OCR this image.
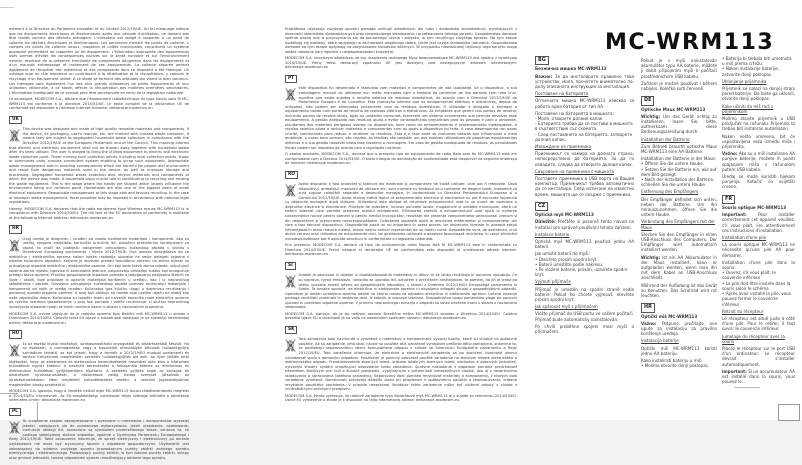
MC-WRM113
mément à la Directive du Parlement européen et du Conseil 2012/19/UE. Un tel marquage indique que les équipements électriques et électroniques après leur période d'utilisation, ne doivent pas être traités comme des déchets ménagers. L'utilisateur est obligé à rapporter à un point de collecte les déchets électriques et électroniques. Les personnes menant les points de collecte, y compris les points de collecte locaux, magasins et unités municipales, constituent un système approprié permettant de rapporter un tel équipement. L'élimination appropriée des équipements usés permet d'éviter les conséquences nocives sur la santé humaine et sur l'environnement naturel, résultant de la présence éventuelle de composants dangereux dans les équipements et d'un mauvais entreposage et traitement de ces équipements. La collecte séparée permet également de récupérer des matériaux et des composants dont ce dispositif a été fabriqué. Un ménage joue un rôle important en contribuant à la réutilisation et la récupération, y compris le recyclage d'un équipement utilisé. À ce stade se forment des attitudes qui visent le bien commun. Les ménages sont également l'un des plus grands utilisateurs de petits équipements et leur utilisation rationnelle, à ce stade, affecte la récupération des matières premières secondaires. L'élimination inadéquate de ce produit peut être sanctionnée en vertu de la législation nationale.
Le soussigné, MODECOM S.A., déclare que l'équipement radioélectrique du type Souris sans fil MC-WRM113 est conforme à la directive 2014/53/UE. Le texte complet de la déclaration UE de conformité est disponible à l'adresse internet suivante: deklaracje.modecom.eu
UK
This device was designed and made of high quality reusable materials and components. If the device, its packaging, user's manual, etc. are marked with crossed waste container, it means they are subject to segregated household waste collection in compliance with the Directive 2012/19/UE of the European Parliament and of the Council. This marking informs that electric and electronic equipment shall not be thrown away together with household waste after it's been utilised. The user is obliged to bring the utilised equipment to electric and electronic waste collection point. Those running such collection points, including local collection points, shops or communes units, provide convenient system enabling to scrap such equipment. Appropriate waste management aids in avoiding consequences which are harmful for people and environment and result from dangerous materials used in the device, as well as improper storage and processing. Segregated household waste collection aids recycle materials and components of which the device was made. A household plays crucial role in contributing to recycling and reusing the waste equipment. This is the stage where the habits are shaped which largely influence the environment being our common good. Households are also one of the biggest users of small electrical equipment. Reasonable management at this stage aids and favours recycling. In the case of improper waste management, fiscal penalties may be imposed in accordance with national legal regulations.
Hereby, MODECOM S.A. declares that the radio equipment type Wireless mouse MC-WRM113 is in compliance with Directive 2014/53/EU. The full text of the EU declaration of conformity is available at the following internet address: deklaracje.modecom.eu
HR
Ovaj uređaj je dizajniran i izrađen od visoko kvalitetnih materijala i komponenti. Ako su uređaj, njegova ambalaža, korisnički priručnik itd. označeni prekriženim kontejnerom za otpad, to znači da podliježu odvojenom prikupljanju kućanskog otpada u skladu s Direktivom Europskog parlamenta i Vijeća 2012/19/UE. Ova oznaka obavještava da se električna i elektronička oprema nakon isteka razdoblja uporabe ne smije odlagati zajedno s ostalim kućanskim otpadom. Korisnik je obvezan predati iskorištenu opremu na zbirno mjesto za prikupljanje otpadne električne i elektroničke opreme. Oni koji vode takva zbirna mjesta, uključujući lokalna zbirna mjesta, trgovine ili komunalne jedinice, osiguravaju prikladan sustav koji omogućuje predaju takve opreme. Pravilno gospodarenje otpadom pomaže u izbjegavanju posljedica štetnih za ljude i okoliš, koje proizlaze iz opasnih materijala korištenih u uređaju, kao i iz nepravilnog skladištenja i obrade. Odvojeno prikupljanje kućanskog otpada pomaže recikliranju materijala i komponenti od kojih je uređaj izrađen. Kućanstvo igra ključnu ulogu u doprinosu recikliranju i ponovnoj uporabi otpadne opreme. U ovoj fazi oblikuju se navike koje uvelike utječu na okoliš kao naše zajedničko dobro. Kućanstva su također jedan od najvećih korisnika male električne opreme pa njezino razumno gospodarenje u ovoj fazi pomaže i potiče recikliranje. U slučaju nepravilnog upravljanja otpadom mogu se izreći novčane kazne u skladu s nacionalnim propisima.
MODECOM S.A. ovime izjavljuje da je radijska oprema tipa Bežični miš MC-WRM113 u skladu s Direktivom 2014/53/EU. Cjeloviti tekst EU izjave o sukladnosti dostupan je na sljedećoj internetskoj adresi: deklaracje.modecom.eu
HU
Ez az eszköz kiváló minőségű, újrahasznosítható anyagokból és alkatrészekből készült. Ha az eszközön, a csomagolásán vagy a használati útmutatóján áthúzott hulladékgyűjtő szimbólum látható, az azt jelenti, hogy a termék a 2012/19/EU európai parlamenti és tanácsi irányelvnek megfelelően szelektív hulladékgyűjtés alá esik. Az ilyen jelölés arról tájékoztat, hogy az elektromos és elektronikus berendezéseket használat után tilos a háztartási hulladékkal együtt kidobni. A használt berendezést a felhasználó köteles az elektromos és elektronikus hulladékok gyűjtőpontjára eljuttatni. A szelektív gyűjtés segíti az anyagok és alkatrészek újrahasznosítását, a háztartások pedig fontos szerepet játszanak az újrahasznosításban. Nem megfelelő hulladékkezelés esetén, a nemzeti jogszabályoknak megfelelően bírság szabható ki.
MODECOM S.A. igazolja, hogy a Vezeték nélküli egér MC-WRM113 típusú rádióberendezés megfelel a 2014/53/EU irányelvnek. Az EU-megfelelőségi nyilatkozat teljes szövege elérhető a következő internetes címen: deklaracje.modecom.eu
PL
To urządzenie zostało zaprojektowane i wykonane z materiałów i komponentów wysokiej jakości, nadających się do ponownego wykorzystania. Jeżeli urządzenie, opakowanie, instrukcja obsługi itd. oznaczone są symbolem przekreślonego kosza, oznacza to, że podlega selektywnej zbiórce odpadów, zgodnie z Dyrektywą Parlamentu Europejskiego i Rady 2012/19/UE. Takie oznaczenie informuje, że sprzęt elektryczny i elektroniczny po okresie użytkowania nie może być wyrzucany łącznie z odpadami gospodarczymi. Użytkownik jest zobowiązany do oddania zużytego sprzętu prowadzącym punkty zbiórki zużytego sprzętu elektrycznego i elektronicznego. Prowadzący punkty zbiórki, w tym lokalne punkty zbiórki, sklepy oraz gminne jednostki, tworzą odpowiedni system umożliwiający oddanie tego sprzętu.
Prawidłowa utylizacja zużytego sprzętu pomaga uniknąć szkodliwych dla ludzi i środowiska konsekwencji, wynikających z obecności składników niebezpiecznych oraz niewłaściwego składowania i przetwarzania takiego sprzętu. Gospodarstwo domowe spełnia ważną rolę w przyczynianiu się do ponownego użycia i odzysku, w tym recyklingu zużytego sprzętu. Na tym etapie kształtują się postawy, które wpływają na zachowanie wspólnego dobra, jakim jest czyste środowisko naturalne. Gospodarstwa domowe na tym etapie wpływają na odzyskiwanie surowców wtórnych. W przypadku niewłaściwej utylizacji tego sprzętu mogą zostać nałożone kary zgodnie z ustawodawstwem krajowym.
MODECOM S.A. niniejszym oświadcza, że typ urządzenia radiowego Mysz bezprzewodowa MC-WRM113 jest zgodny z dyrektywą 2014/53/UE. Pełny tekst deklaracji zgodności UE jest dostępny pod następującym adresem internetowym: deklaracje.modecom.eu
PT
Este dispositivo foi desenhado e fabricado com materiais e componentes de alta qualidade. Se o dispositivo, a sua embalagem, manual do utilizador etc. estão marcados com o símbolo do contentor de lixo barrado com uma cruz, significa que estão sujeitos à recolha seletiva de resíduos domésticos, de acordo com a Directiva 2012/19/UE do Parlamento Europeu e do Conselho. Esta marcação informa que os equipamentos elétricos e eletrónicos, depois de utilizados, não podem ser eliminados juntamente com os resíduos domésticos. O utilizador é obrigado a entregar o equipamento usado num ponto de recolha de resíduos elétricos e eletrónicos. As entidades que gerem tais pontos de recolha, incluindo pontos de recolha locais, lojas ou unidades comunais, fornecem um sistema conveniente que permite devolver esse equipamento. A gestão adequada dos resíduos ajuda a evitar consequências prejudiciais para as pessoas e para o ambiente, resultantes dos materiais perigosos usados no dispositivo, bem como do armazenamento e processamento inadequados. A recolha seletiva ajuda a reciclar materiais e componentes com os quais o dispositivo foi feito. A casa desempenha um papel crucial, contribuindo para reduzir e reutilizar os resíduos. Esta é a fase onde os costumes básicos que influenciam o meio ambiente, o nosso bem comum, são criados. As famílias são também um dos maiores utilizadores de pequenos equipamentos elétricos e a sua gestão razoável nesta fase favorece a reciclagem. Em caso de gestão inadequada de resíduos, as penalidades fiscais podem ser impostas de acordo com a legislação nacional.
O abaixo assinado, MODECOM S.A., declara que o presente tipo de equipamento de rádio Rato sem fio MC-WRM113 está em conformidade com a Diretiva 2014/53/UE. O texto integral da declaração de conformidade está disponível no seguinte endereço de Internet: deklaracje.modecom.eu
RO
Acest dispozitiv a fost proiectat și fabricat din materiale și componente de înaltă calitate, care pot fi refolosite. Dacă dispozitivul, ambalajul, manualul de utilizare etc. sunt marcate cu simbolul unui container de deșeuri barat, înseamnă că sunt supuse colectării separate a deșeurilor menajere, în conformitate cu Directiva Parlamentului European și a Consiliului 2012/19/UE. Acest marcaj indică faptul că echipamentele electrice și electronice nu pot fi aruncate împreună cu deșeurile menajere după utilizare. Utilizatorul este obligat să returneze echipamentul uzat la un punct de colectare a deșeurilor electrice și electronice. Punctele de colectare, inclusiv punctele locale, magazinele și unitățile municipale, oferă un sistem adecvat care permite predarea acestui echipament. Eliminarea corectă a echipamentului uzat ajută la evitarea consecințelor nocive pentru oameni și pentru mediul înconjurător, rezultate din prezența componentelor periculoase, precum și din depozitarea și prelucrarea necorespunzătoare. Colectarea separată ajută la reciclarea materialelor și componentelor din care a fost fabricat dispozitivul. Gospodăriile joacă un rol important în acest proces, iar obiceiurile formate în această etapă influențează în mare măsură mediul, binele nostru comun reprezentat de un mediu curat. Gospodăriile sunt, de asemenea, unul dintre cei mai mari utilizatori de echipamente mici, iar gestionarea rațională a acestora favorizează reciclarea. În cazul eliminării necorespunzătoare pot fi aplicate sancțiuni în conformitate cu legislația națională.
Prin prezenta, MODECOM S.A. declară că tipul de echipamente radio Mouse fără fir MC-WRM113 este în conformitate cu Directiva 2014/53/UE. Textul integral al declarației UE de conformitate este disponibil la următoarea adresă internet: deklaracje.modecom.eu
SI
Izdelek je zasnovan in izdelan iz visokokakovostnih materialov in delov, ki se lahko reciklirajo in ponovno uporabijo. Če so naprava, njena embalaža, navodila za uporabo itd. označeni s prečrtanim smetnjakom, to pomeni, da jih je treba po izteku uporabe zbirati ločeno od gospodinjskih odpadkov, v skladu z Direktivo 2012/19/EU Evropskega parlamenta in Sveta. Ta oznaka sporoča, da električne in elektronske opreme ni dovoljeno odlagati skupaj z gospodinjskimi odpadki. Uporabnik je dolžan izrabljeno opremo oddati na zbirno mesto za odpadno električno in elektronsko opremo. Ločeno zbiranje pomaga reciklirati materiale in sestavne dele, iz katerih je naprava izdelana. Gospodinjstva igrajo pomembno vlogo pri ponovni uporabi in predelavi odpadne opreme. V primeru nepravilnega ravnanja z odpadki so lahko izrečene kazni v skladu z nacionalno zakonodajo.
MODECOM S.A. potrjuje, da je tip radijske opreme Brezžična miška MC-WRM113 skladen z Direktivo 2014/53/EU. Celotno besedilo izjave EU o skladnosti je na voljo na naslednjem spletnem naslovu: deklaracje.modecom.eu
SK
Toto zariadenie bolo navrhnuté a vyrobené z materiálov a komponentov vysokej kvality, ktoré sú vhodné na opätovné použitie. Ak sú zariadenie, jeho obal, návod na použitie atď. označené symbolom preškrtnutého kontajnera, znamená to, že podliehajú separovanému zberu komunálneho odpadu v súlade so Smernicou Európskeho parlamentu a Rady 2012/19/EÚ. Toto označenie informuje, že elektrické a elektronické zariadenia sa po skončení životnosti nesmú vyhadzovať spolu s domovým odpadom. Používateľ je povinný odovzdať použité zariadenie na zbernom mieste elektrického a elektronického odpadu. Prevádzkovatelia zberných miest, vrátane lokálnych zberných miest, obchodov a obecných jednotiek, vytvárajú vhodný systém umožňujúci odovzdanie tohto zariadenia. Správne nakladanie s odpadom pomáha predchádzať následkom škodlivým pre ľudí a životné prostredie, vyplývajúcim z prítomnosti nebezpečných zložiek, ako aj z nesprávneho skladovania a spracovania takéhoto zariadenia. Separovaný zber pomáha recyklovať materiály a komponenty, z ktorých bolo zariadenie vyrobené. Domácnosti zohrávajú dôležitú úlohu pri prispievaní k opätovnému použitiu a zhodnocovaniu, vrátane recyklácie použitého zariadenia. V prípade nesprávnej likvidácie tohto zariadenia môžu byť uložené pokuty v súlade s vnútroštátnymi právnymi predpismi.
MODECOM S.A. týmto vyhlasuje, že rádiové zariadenie typu Bezdrôtová myš MC-WRM113 je v súlade so smernicou 2014/53/EÚ. Úplné EÚ vyhlásenie o zhode je k dispozícii na tejto internetovej adrese: deklaracje.modecom.eu
BG
Безжична мишка MC-WRM113
Важно: За да инсталирате правилно това устройство, моля, прочетете внимателно по-долу описаната инструкция за инсталация.
Поставяне на батерията
Оптичната мишка MC-WRM113 изисква за работа една батерия от тип AA.
Поставяне на батерията в мишката:
- Моля, отворете долния капак
- Батерията трябва да се постави в мишката в съответствие със схемата
- След поставянето на батерията, затворете долния капак.
Изваждане на приемника
Приемникът се намира на долната страна, непосредствено до батерията. За да го извадите, следва да отворите долния капак.
Свързване на приемника с мишката
Поставете приемника в USB порта на Вашия компютър. Приемникът трябва автоматично да се инсталира. След изтичане на известно време, мишката ще се свърже с приемника.
CZ
Optická myš MC-WRM113
Důležité: Přečtěte si pozorně tento návod na instalaci pro správné používání tohoto zařízení.
Instalace baterie
Optická myš MC-WRM113 používá jednu AA baterii.
Jak umístit baterii do myši:
• Otevřete prosím spodní kryt.
• Baterii umístěte podle nákresu.
• Po vložení baterie, prosím, uzavřete spodní kryt.
Vyjmutí přijímače
Přijímač je umístěn na spodní straně vedle baterie. Pokud ho chcete vyjmout, otevřete prosím spodní kryt.
Jak spárovat myš s přijímačem
Vložte přijímač do USB portu ve vašem počítači. Přijímač bude automaticky nainstalován.
Po chvíli proběhne spojení mezi myší a přijímačem.
Pokud je v myši nainstalován akumulátor typu AA baterie, můžete ji dobít připojením myši k počítači prostřednictvím USB kabelu.
Zařízení je možné používat i během nabíjení. Kolečko svítí červeně.
DE
Optische Maus MC-WRM113
Wichtig: Um das Gerät richtig zu installieren, lesen Sie, bitte, aufmerksam diese Bedienungsanleitung durch.
Installation der Batterie
Zum Betrieb braucht optische Maus MC-WRM113 eine AA Batterie.
Installation der Batterie in der Maus:
• Öffnen Sie die untere Haube.
• Setzen Sie die Batterie ein, wie auf dem Bild gezeigt.
• Nach der Installation der Batterie, schließen Sie die untere Haube.
Entfernung des Empfängers
Der Empfänger befindet sich unten, neben der Batterie. Um ihn herauszunehmen, öffnen Sie die untere Haube.
Verbindung des Empfängers mit der Maus
Stecken Sie den Empfänger in einen USB-Anschluss des Computers. Der Empfänger wird automatisch installiert werden.
Wichtig: Ist ein AA Akkumulator in der Maus installiert, kann er aufgeladen werden, wenn man ihn mit dem Kabel an USB-Anschluss anschließt.
Während der Aufladung ist das Gerät zu benutzen. Das Scrollrad wird rot leuchten.
HR
Optički miš MC-WRM113
Važno: Potpuno pročitajte ove upute za instalaciju za pravilno korištenje uređaja.
Instalacija baterije
Optički miš MC-WRM113 koristi jednu AA bateriju.
Kako instalirati bateriju u miš:
• Molimo otvorite donji poklopac.
• Baterija bi trebala biti umetnuta u miš prema crtežu.
• Nakon instalacije baterije, zatvorite donji poklopac.
Uklanjanje prijemnika
Prijemnik se nalazi na donjoj strani pored baterije. Da biste ga uklonili, otvorite donji poklopac.
Kako učiniti da miš radi s prijemnikom
Molimo stavite prijemnik u USB priključak na računalu. Prijemnik bi trebao biti instaliran automatski.
Nakon nešto vremena, bit će uspostavljena veza između miša i prijemnika.
Važno: Ako su u miš instalirane AA punjive baterije, možete ih puniti spajanjem miša s računalom putem USB kabela.
Uređaj se može koristiti tijekom punjenja. Kotačić će svijetliti crveno.
FR
Souris optique MC-WRM113
Important: Pour installer correctement cet appareil veuillez, s'il vous plaît, lire attentivement ces instructions d'installation.
Installation d'une pile
La souris optique MC-WRM113 ne nécessite qu'une pile AA pour démarrer.
Installation d'une pile dans la souris:
• Ouvrez, s'il vous plaît, le couvercle inférieur
• La pile doit être insérée dans la souris selon le schéma
• Après avoir installé la pile, vous pouvez fermer le couvercle inférieur
Retrait du récepteur
Le récepteur est situé juste à côté d'une pile. Pour le retirer, il faut ouvrir le couvercle inférieur.
Jumelage du récepteur avec la souris
Placez le récepteur sur le port USB d'un ordinateur. Le récepteur devrait s'installer automatiquement.
Important: Si un accumulateur AA est installé dans la souris, vous pouvez le...
